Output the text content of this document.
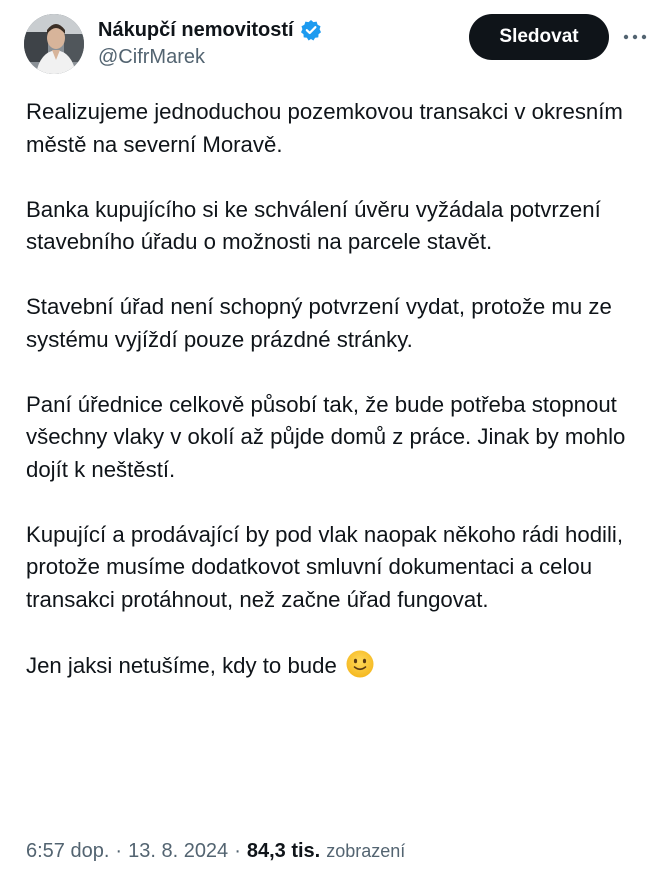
Nákupčí nemovitostí
@CifrMarek
Sledovat

Realizujeme jednoduchou pozemkovou transakci v okresním městě na severní Moravě.

Banka kupujícího si ke schválení úvěru vyžádala potvrzení stavebního úřadu o možnosti na parcele stavět.

Stavební úřad není schopný potvrzení vydat, protože mu ze systému vyjíždí pouze prázdné stránky.

Paní úřednice celkově působí tak, že bude potřeba stopnout všechny vlaky v okolí až půjde domů z práce. Jinak by mohlo dojít k neštěstí.

Kupující a prodávající by pod vlak naopak někoho rádi hodili, protože musíme dodatkovot smluvní dokumentaci a celou transakci protáhnout, než začne úřad fungovat.

Jen jaksi netušíme, kdy to bude

6:57 dop. · 13. 8. 2024 · 84,3 tis. zobrazení
